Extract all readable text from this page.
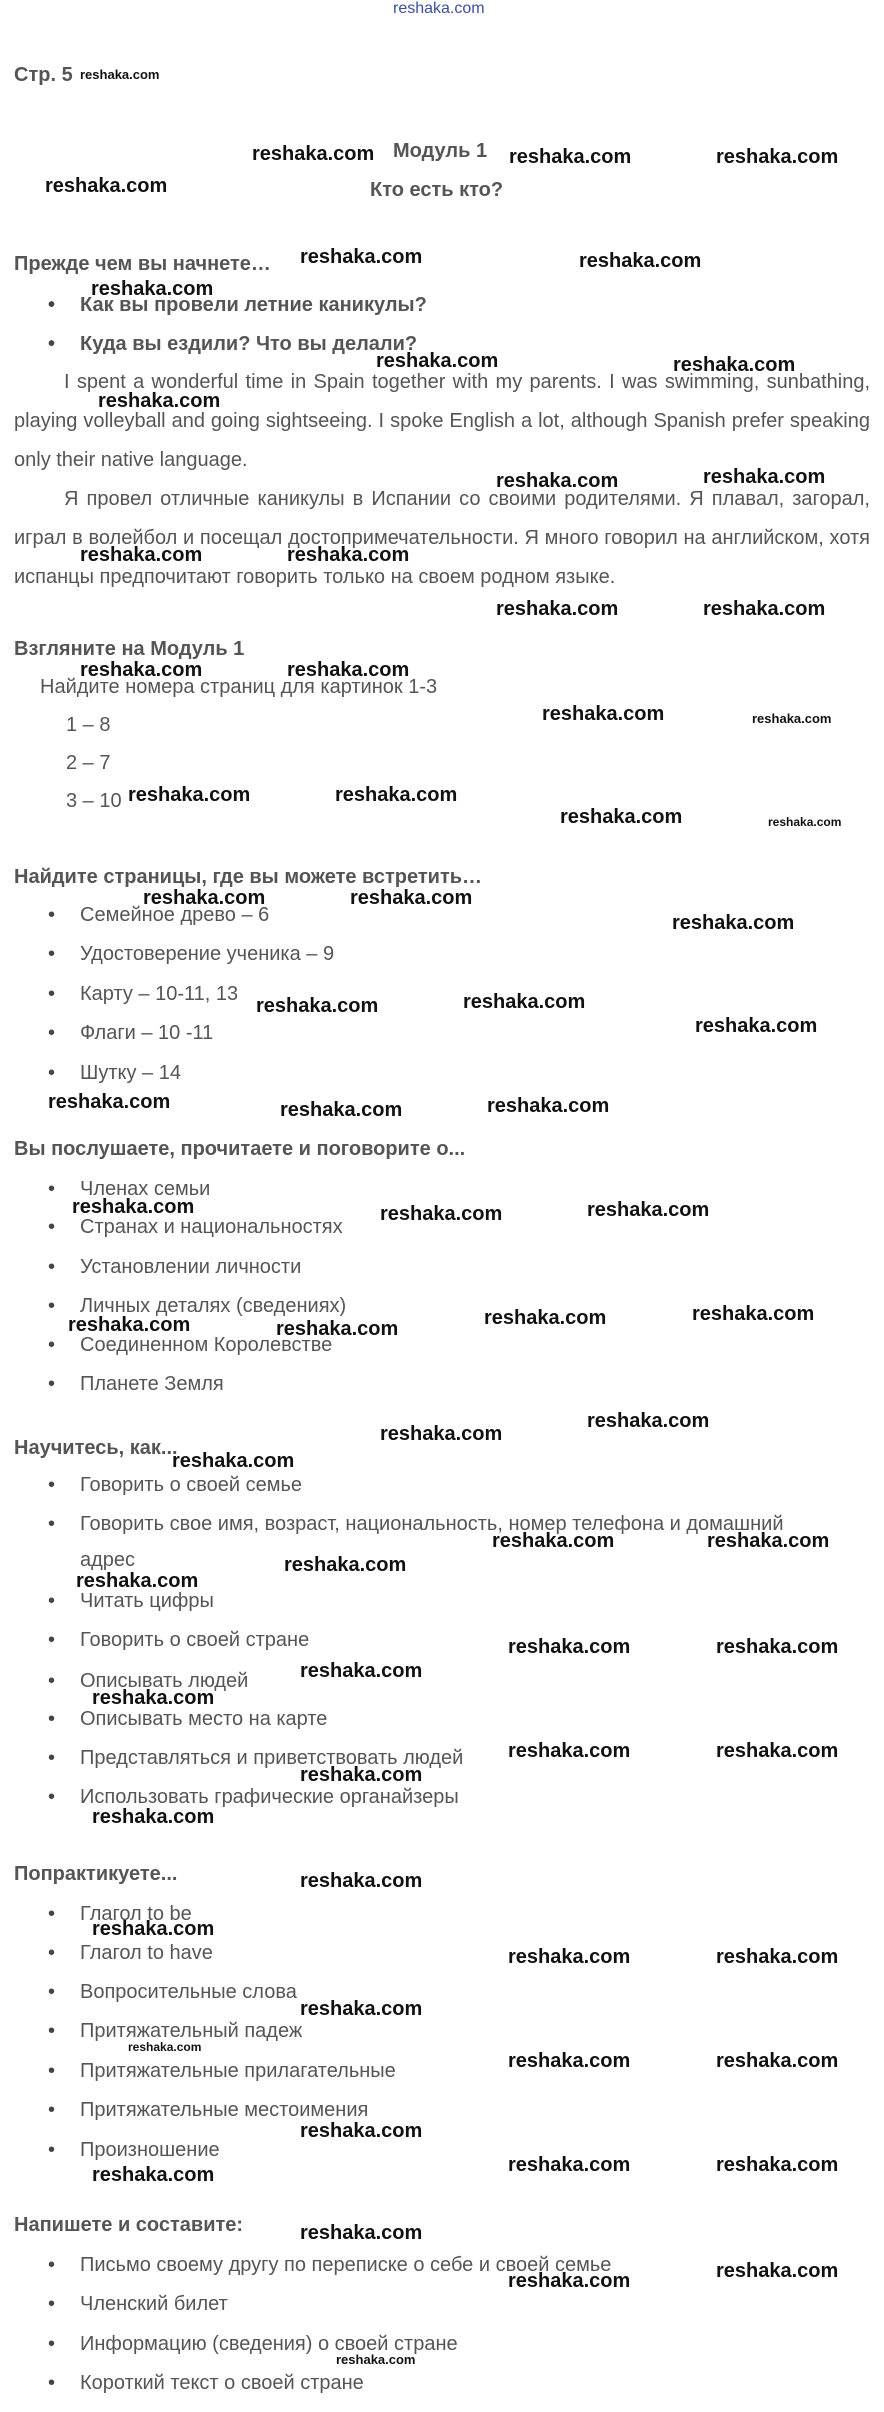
reshaka.com
Стр. 5
Модуль 1
Кто есть кто?
Прежде чем вы начнете…
• Как вы провели летние каникулы?
• Куда вы ездили? Что вы делали?
I spent a wonderful time in Spain together with my parents. I was swimming, sunbathing, playing volleyball and going sightseeing. I spoke English a lot, although Spanish prefer speaking only their native language.
Я провел отличные каникулы в Испании со своими родителями. Я плавал, загорал, играл в волейбол и посещал достопримечательности. Я много говорил на английском, хотя испанцы предпочитают говорить только на своем родном языке.
Взгляните на Модуль 1
Найдите номера страниц для картинок 1-3
1 – 8
2 – 7
3 – 10
Найдите страницы, где вы можете встретить…
• Семейное древо – 6
• Удостоверение ученика – 9
• Карту – 10-11, 13
• Флаги – 10 -11
• Шутку – 14
Вы послушаете, прочитаете и поговорите о...
• Членах семьи
• Странах и национальностях
• Установлении личности
• Личных деталях (сведениях)
• Соединенном Королевстве
• Планете Земля
Научитесь, как...
• Говорить о своей семье
• Говорить свое имя, возраст, национальность, номер телефона и домашний
адрес
• Читать цифры
• Говорить о своей стране
• Описывать людей
• Описывать место на карте
• Представляться и приветствовать людей
• Использовать графические органайзеры
Попрактикуете...
• Глагол to be
• Глагол to have
• Вопросительные слова
• Притяжательный падеж
• Притяжательные прилагательные
• Притяжательные местоимения
• Произношение
Напишете и составите:
• Письмо своему другу по переписке о себе и своей семье
• Членский билет
• Информацию (сведения) о своей стране
• Короткий текст о своей стране
reshaka.com
reshaka.com	reshaka.com	reshaka.com
reshaka.com
reshaka.com	reshaka.com
reshaka.com
reshaka.com	reshaka.com
reshaka.com
reshaka.com	reshaka.com
reshaka.com	reshaka.com
reshaka.com	reshaka.com
reshaka.com	reshaka.com
reshaka.com	reshaka.com
reshaka.com	reshaka.com
reshaka.com	reshaka.com
reshaka.com	reshaka.com
reshaka.com
reshaka.com	reshaka.com
reshaka.com
reshaka.com	reshaka.com	reshaka.com
reshaka.com	reshaka.com	reshaka.com
reshaka.com	reshaka.com
reshaka.com	reshaka.com
reshaka.com
reshaka.com
reshaka.com
reshaka.com	reshaka.com
reshaka.com
reshaka.com
reshaka.com	reshaka.com
reshaka.com
reshaka.com
reshaka.com	reshaka.com
reshaka.com
reshaka.com
reshaka.com
reshaka.com
reshaka.com	reshaka.com
reshaka.com
reshaka.com
reshaka.com	reshaka.com
reshaka.com
reshaka.com	reshaka.com	reshaka.com
reshaka.com
reshaka.com
reshaka.com
reshaka.com
